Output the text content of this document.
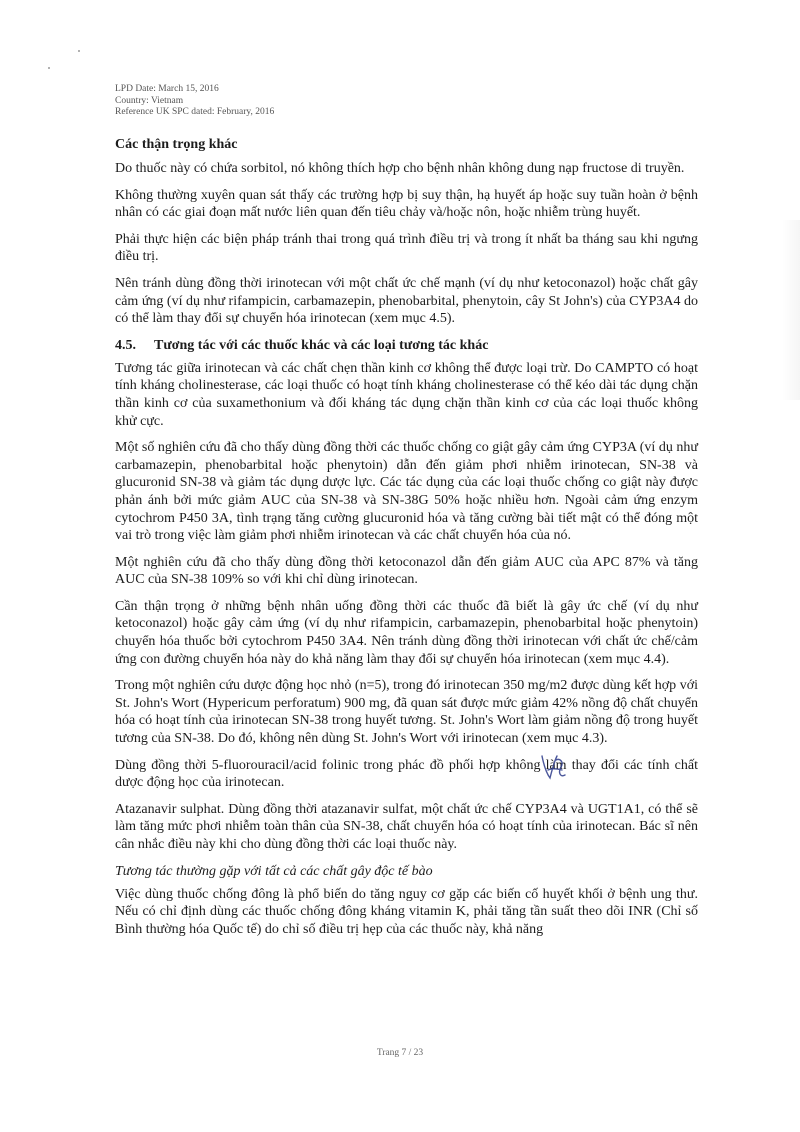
LPD Date: March 15, 2016
Country: Vietnam
Reference UK SPC dated: February, 2016
Các thận trọng khác

Do thuốc này có chứa sorbitol, nó không thích hợp cho bệnh nhân không dung nạp fructose di truyền.

Không thường xuyên quan sát thấy các trường hợp bị suy thận, hạ huyết áp hoặc suy tuần hoàn ở bệnh nhân có các giai đoạn mất nước liên quan đến tiêu chảy và/hoặc nôn, hoặc nhiễm trùng huyết.

Phải thực hiện các biện pháp tránh thai trong quá trình điều trị và trong ít nhất ba tháng sau khi ngưng điều trị.

Nên tránh dùng đồng thời irinotecan với một chất ức chế mạnh (ví dụ như ketoconazol) hoặc chất gây cảm ứng (ví dụ như rifampicin, carbamazepin, phenobarbital, phenytoin, cây St John's) của CYP3A4 do có thể làm thay đổi sự chuyển hóa irinotecan (xem mục 4.5).

4.5.	Tương tác với các thuốc khác và các loại tương tác khác

Tương tác giữa irinotecan và các chất chẹn thần kinh cơ không thể được loại trừ. Do CAMPTO có hoạt tính kháng cholinesterase, các loại thuốc có hoạt tính kháng cholinesterase có thể kéo dài tác dụng chặn thần kinh cơ của suxamethonium và đối kháng tác dụng chặn thần kinh cơ của các loại thuốc không khử cực.

Một số nghiên cứu đã cho thấy dùng đồng thời các thuốc chống co giật gây cảm ứng CYP3A (ví dụ như carbamazepin, phenobarbital hoặc phenytoin) dẫn đến giảm phơi nhiễm irinotecan, SN-38 và glucuronid SN-38 và giảm tác dụng dược lực. Các tác dụng của các loại thuốc chống co giật này được phản ánh bởi mức giảm AUC của SN-38 và SN-38G 50% hoặc nhiều hơn. Ngoài cảm ứng enzym cytochrom P450 3A, tình trạng tăng cường glucuronid hóa và tăng cường bài tiết mật có thể đóng một vai trò trong việc làm giảm phơi nhiễm irinotecan và các chất chuyển hóa của nó.

Một nghiên cứu đã cho thấy dùng đồng thời ketoconazol dẫn đến giảm AUC của APC 87% và tăng AUC của SN-38 109% so với khi chỉ dùng irinotecan.

Cần thận trọng ở những bệnh nhân uống đồng thời các thuốc đã biết là gây ức chế (ví dụ như ketoconazol) hoặc gây cảm ứng (ví dụ như rifampicin, carbamazepin, phenobarbital hoặc phenytoin) chuyển hóa thuốc bởi cytochrom P450 3A4. Nên tránh dùng đồng thời irinotecan với chất ức chế/cảm ứng con đường chuyển hóa này do khả năng làm thay đổi sự chuyển hóa irinotecan (xem mục 4.4).

Trong một nghiên cứu dược động học nhỏ (n=5), trong đó irinotecan 350 mg/m2 được dùng kết hợp với St. John's Wort (Hypericum perforatum) 900 mg, đã quan sát được mức giảm 42% nồng độ chất chuyển hóa có hoạt tính của irinotecan SN-38 trong huyết tương. St. John's Wort làm giảm nồng độ trong huyết tương của SN-38. Do đó, không nên dùng St. John's Wort với irinotecan (xem mục 4.3).

Dùng đồng thời 5-fluorouracil/acid folinic trong phác đồ phối hợp không làm thay đổi các tính chất dược động học của irinotecan.

Atazanavir sulphat. Dùng đồng thời atazanavir sulfat, một chất ức chế CYP3A4 và UGT1A1, có thể sẽ làm tăng mức phơi nhiễm toàn thân của SN-38, chất chuyển hóa có hoạt tính của irinotecan. Bác sĩ nên cân nhắc điều này khi cho dùng đồng thời các loại thuốc này.

Tương tác thường gặp với tất cả các chất gây độc tế bào

Việc dùng thuốc chống đông là phổ biến do tăng nguy cơ gặp các biến cố huyết khối ở bệnh ung thư. Nếu có chỉ định dùng các thuốc chống đông kháng vitamin K, phải tăng tần suất theo dõi INR (Chỉ số Bình thường hóa Quốc tế) do chỉ số điều trị hẹp của các thuốc này, khả năng

Trang 7 / 23
